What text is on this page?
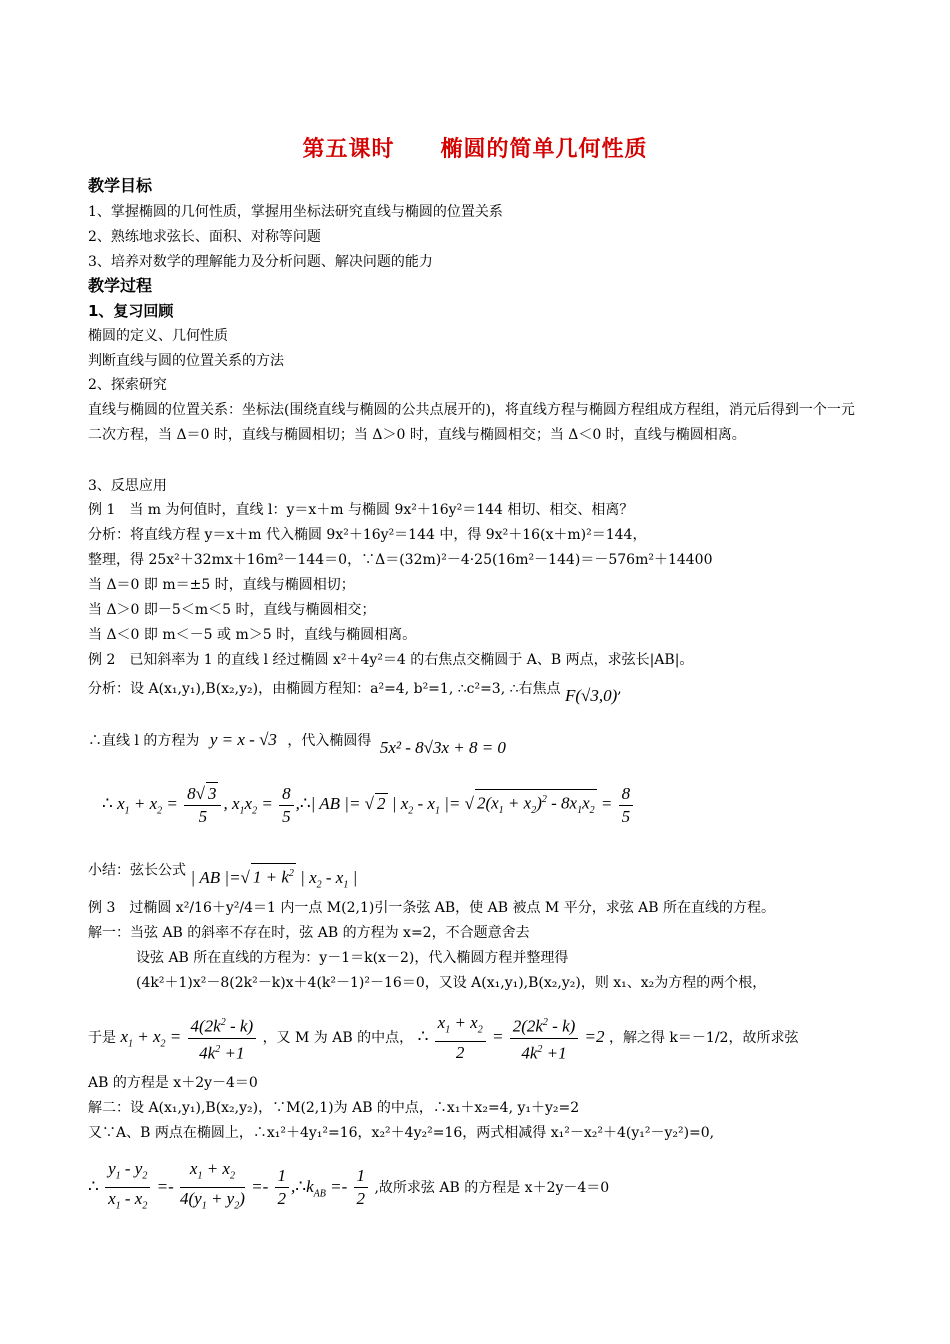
第五课时　　椭圆的简单几何性质
教学目标
1、掌握椭圆的几何性质，掌握用坐标法研究直线与椭圆的位置关系
2、熟练地求弦长、面积、对称等问题
3、培养对数学的理解能力及分析问题、解决问题的能力
教学过程
1、复习回顾
椭圆的定义、几何性质
判断直线与圆的位置关系的方法
2、探索研究
直线与椭圆的位置关系：坐标法(围绕直线与椭圆的公共点展开的)，将直线方程与椭圆方程组成方程组，消元后得到一个一元二次方程，当 Δ＝0 时，直线与椭圆相切；当 Δ＞0 时，直线与椭圆相交；当 Δ＜0 时，直线与椭圆相离。
3、反思应用
例 1　当 m 为何值时，直线 l：y＝x＋m 与椭圆 9x²＋16y²＝144 相切、相交、相离？
分析：将直线方程 y＝x＋m 代入椭圆 9x²＋16y²＝144 中，得 9x²＋16(x＋m)²＝144，
整理，得 25x²＋32mx＋16m²－144＝0，∵Δ＝(32m)²－4·25(16m²－144)＝－576m²＋14400
当 Δ＝0 即 m＝±5 时，直线与椭圆相切；
当 Δ＞0 即－5＜m＜5 时，直线与椭圆相交；
当 Δ＜0 即 m＜－5 或 m＞5 时，直线与椭圆相离。
例 2　已知斜率为 1 的直线 l 经过椭圆 x²＋4y²＝4 的右焦点交椭圆于 A、B 两点，求弦长|AB|。
分析：设 A(x₁,y₁),B(x₂,y₂)，由椭圆方程知：a²=4, b²=1, ∴c²=3, ∴右焦点 F(√3,0),
∴直线 l 的方程为 y = x - √3 ，代入椭圆得 5x² - 8√3x + 8 = 0
∴ $x_1 + x_2 = \frac{8√ 3}{5}$ , $x_1x_2 = \frac{8}{5}$ ,∴| AB |= √ 2 | $x_2 - x_1$ |= √ $2(x_1 + x_2)^2 - 8x_1x_2 = \frac{8}{5}$
小结：弦长公式 | AB |=√ $1 + k^2$ | $x_2 - x_1$ |
例 3　过椭圆 x²/16＋y²/4＝1 内一点 M(2,1)引一条弦 AB，使 AB 被点 M 平分，求弦 AB 所在直线的方程。
解一：当弦 AB 的斜率不存在时，弦 AB 的方程为 x=2，不合题意舍去
设弦 AB 所在直线的方程为：y－1＝k(x－2)，代入椭圆方程并整理得
(4k²＋1)x²－8(2k²－k)x＋4(k²－1)²－16＝0，又设 A(x₁,y₁),B(x₂,y₂)，则 x₁、x₂为方程的两个根，
于是 $x_1 + x_2 = \frac{4(2k^2 - k)}{4k^2 +1}$ ，又 M 为 AB 的中点， ∴ $\frac{x_1 + x_2}{2} = \frac{2(2k^2 - k)}{4k^2 +1} =2$ ，解之得 k＝－1/2，故所求弦
AB 的方程是 x＋2y－4＝0
解二：设 A(x₁,y₁),B(x₂,y₂)，∵M(2,1)为 AB 的中点，∴x₁＋x₂=4, y₁＋y₂=2
又∵A、B 两点在椭圆上，∴x₁²＋4y₁²=16，x₂²＋4y₂²=16，两式相减得 x₁²－x₂²＋4(y₁²－y₂²)=0,
∴ $\frac{y_1 - y_2}{x_1 - x_2} =- \frac{x_1 + x_2}{4(y_1 + y_2)} =- \frac{1}{2}$ $,\therefore k_{AB} =- \frac{1}{2}$ ,故所求弦 AB 的方程是 x＋2y－4＝0
